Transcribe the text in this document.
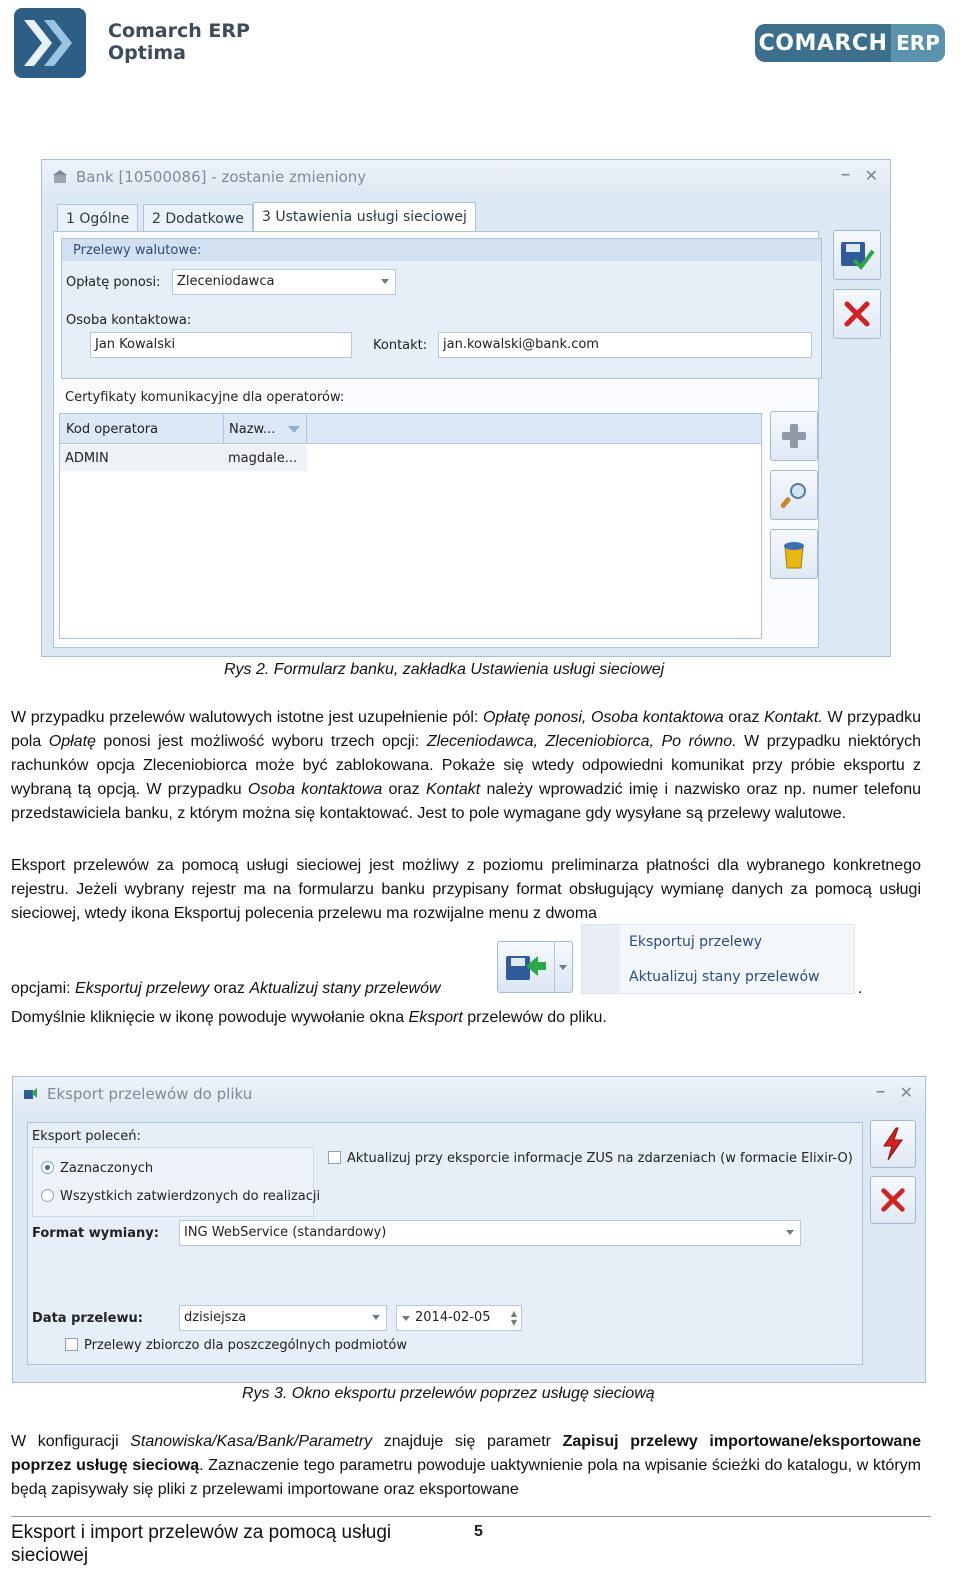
Comarch ERP
Optima	COMARCH ERP
Bank [10500086] - zostanie zmieniony	– ✕
1 Ogólne	2 Dodatkowe	3 Ustawienia usługi sieciowej
Przelewy walutowe:
Opłatę ponosi:	Zleceniodawca
Osoba kontaktowa:
Jan Kowalski	Kontakt:	jan.kowalski@bank.com
Certyfikaty komunikacyjne dla operatorów:
Kod operatora	Nazw...
ADMIN	magdale...
Rys 2. Formularz banku, zakładka Ustawienia usługi sieciowej
W przypadku przelewów walutowych istotne jest uzupełnienie pól: Opłatę ponosi, Osoba kontaktowa oraz Kontakt. W przypadku pola Opłatę ponosi jest możliwość wyboru trzech opcji: Zleceniodawca, Zleceniobiorca, Po równo. W przypadku niektórych rachunków opcja Zleceniobiorca może być zablokowana. Pokaże się wtedy odpowiedni komunikat przy próbie eksportu z wybraną tą opcją. W przypadku Osoba kontaktowa oraz Kontakt należy wprowadzić imię i nazwisko oraz np. numer telefonu przedstawiciela banku, z którym można się kontaktować. Jest to pole wymagane gdy wysyłane są przelewy walutowe.
Eksport przelewów za pomocą usługi sieciowej jest możliwy z poziomu preliminarza płatności dla wybranego konkretnego rejestru. Jeżeli wybrany rejestr ma na formularzu banku przypisany format obsługujący wymianę danych za pomocą usługi sieciowej, wtedy ikona Eksportuj polecenia przelewu ma rozwijalne menu z dwoma
opcjami: Eksportuj przelewy oraz Aktualizuj stany przelewów
Eksportuj przelewy
Aktualizuj stany przelewów
.
Domyślnie kliknięcie w ikonę powoduje wywołanie okna Eksport przelewów do pliku.
Eksport przelewów do pliku	– ✕
Eksport poleceń:
Zaznaczonych
Wszystkich zatwierdzonych do realizacji
Aktualizuj przy eksporcie informacje ZUS na zdarzeniach (w formacie Elixir-O)
Format wymiany:	ING WebService (standardowy)
Data przelewu:	dzisiejsza	2014-02-05	▲
▼
Przelewy zbiorczo dla poszczególnych podmiotów
Rys 3. Okno eksportu przelewów poprzez usługę sieciową
W konfiguracji Stanowiska/Kasa/Bank/Parametry znajduje się parametr Zapisuj przelewy importowane/eksportowane poprzez usługę sieciową. Zaznaczenie tego parametru powoduje uaktywnienie pola na wpisanie ścieżki do katalogu, w którym będą zapisywały się pliki z przelewami importowane oraz eksportowane
Eksport i import przelewów za pomocą usługi sieciowej
5
